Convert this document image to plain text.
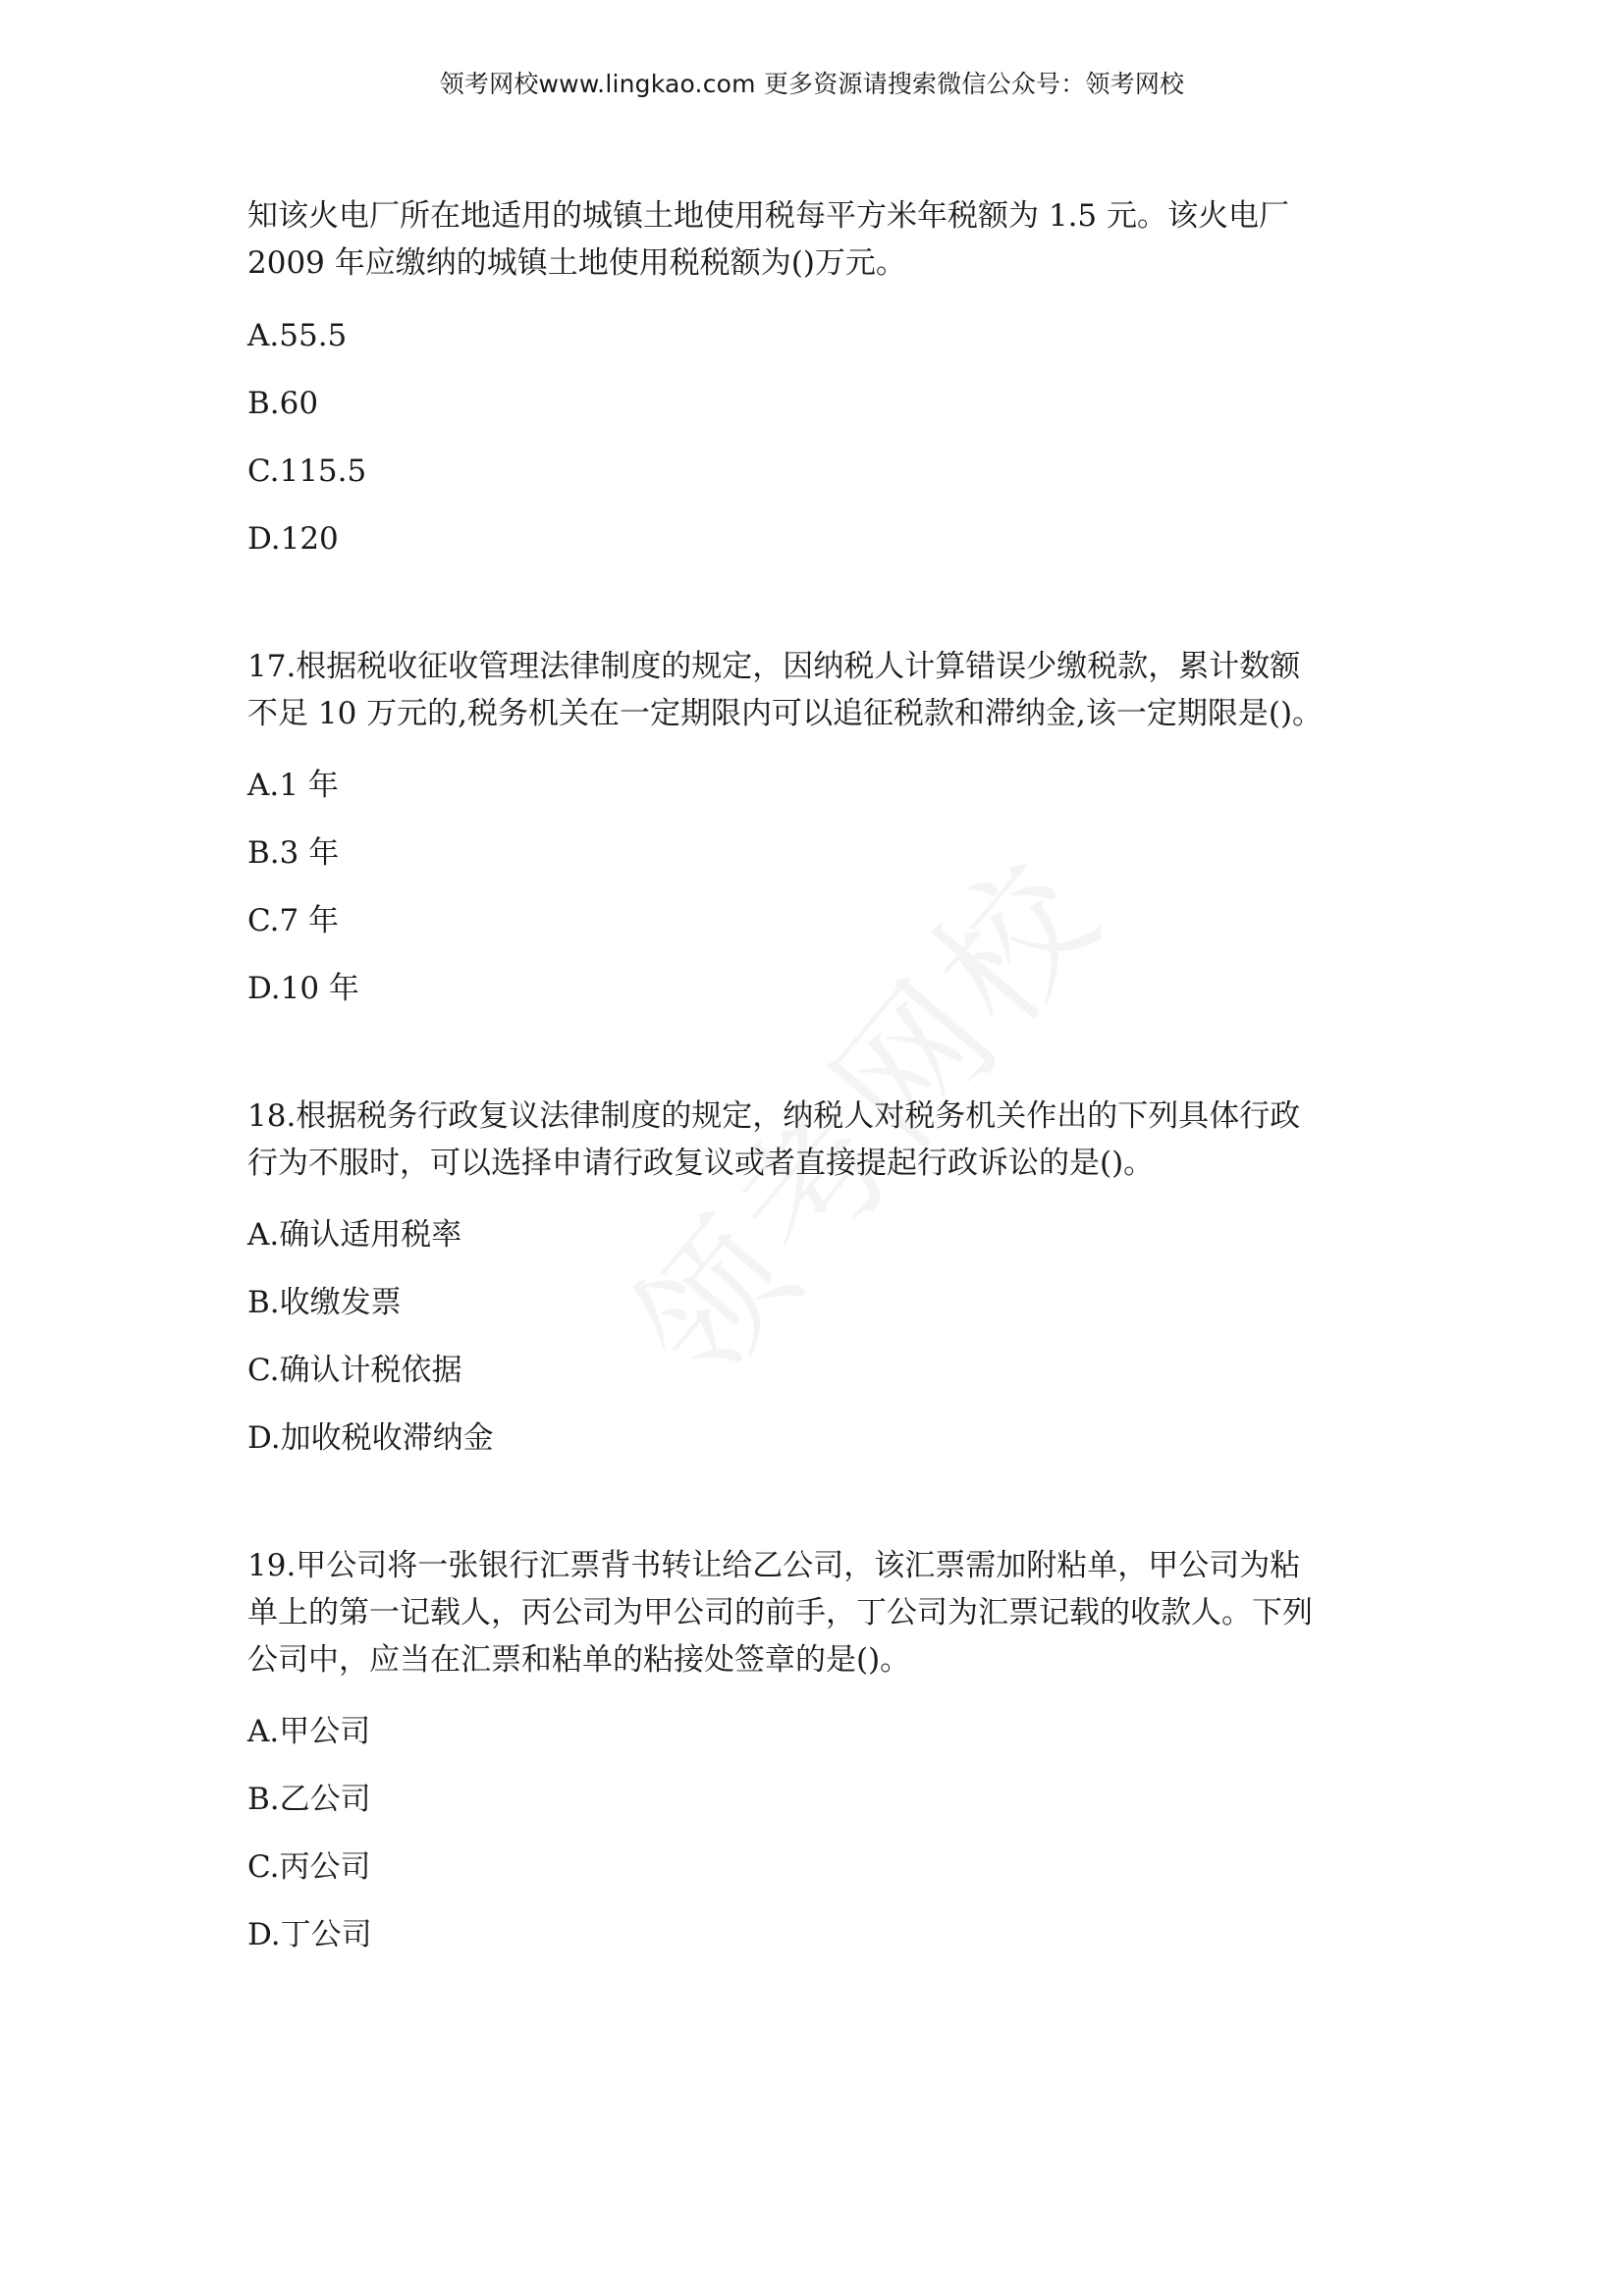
领考网校www.lingkao.com 更多资源请搜索微信公众号：领考网校

知该火电厂所在地适用的城镇土地使用税每平方米年税额为 1.5 元。该火电厂

2009 年应缴纳的城镇土地使用税税额为()万元。

A.55.5

B.60

C.115.5

D.120

17.根据税收征收管理法律制度的规定，因纳税人计算错误少缴税款，累计数额

不足 10 万元的,税务机关在一定期限内可以追征税款和滞纳金,该一定期限是()。

A.1 年

B.3 年

C.7 年

D.10 年

18.根据税务行政复议法律制度的规定，纳税人对税务机关作出的下列具体行政

行为不服时，可以选择申请行政复议或者直接提起行政诉讼的是()。

A.确认适用税率

B.收缴发票

C.确认计税依据

D.加收税收滞纳金

19.甲公司将一张银行汇票背书转让给乙公司，该汇票需加附粘单，甲公司为粘

单上的第一记载人，丙公司为甲公司的前手，丁公司为汇票记载的收款人。下列

公司中，应当在汇票和粘单的粘接处签章的是()。

A.甲公司

B.乙公司

C.丙公司

D.丁公司
